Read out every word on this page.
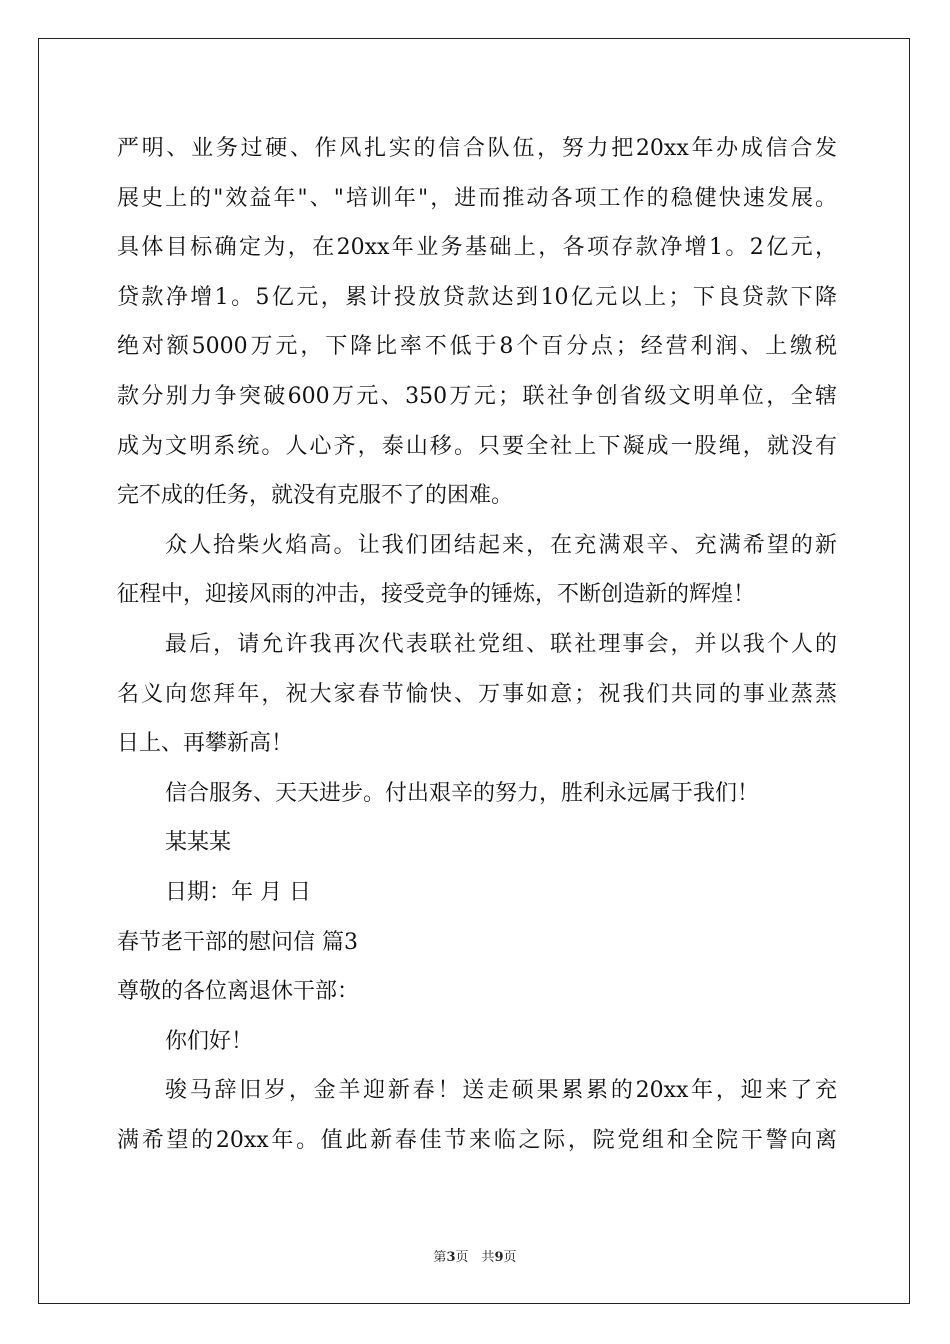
严明、业务过硬、作风扎实的信合队伍，努力把20xx年办成信合发
展史上的"效益年"、"培训年"，进而推动各项工作的稳健快速发展。
具体目标确定为，在20xx年业务基础上，各项存款净增1。2亿元，
贷款净增1。5亿元，累计投放贷款达到10亿元以上；下良贷款下降
绝对额5000万元，下降比率不低于8个百分点；经营利润、上缴税
款分别力争突破600万元、350万元；联社争创省级文明单位，全辖
成为文明系统。人心齐，泰山移。只要全社上下凝成一股绳，就没有
完不成的任务，就没有克服不了的困难。
众人拾柴火焰高。让我们团结起来，在充满艰辛、充满希望的新
征程中，迎接风雨的冲击，接受竞争的锤炼，不断创造新的辉煌！
最后，请允许我再次代表联社党组、联社理事会，并以我个人的
名义向您拜年，祝大家春节愉快、万事如意；祝我们共同的事业蒸蒸
日上、再攀新高！
信合服务、天天进步。付出艰辛的努力，胜利永远属于我们！
某某某
日期：年 月 日
春节老干部的慰问信 篇3
尊敬的各位离退休干部：
你们好！
骏马辞旧岁，金羊迎新春！送走硕果累累的20xx年，迎来了充
满希望的20xx年。值此新春佳节来临之际，院党组和全院干警向离
第3页　共9页
